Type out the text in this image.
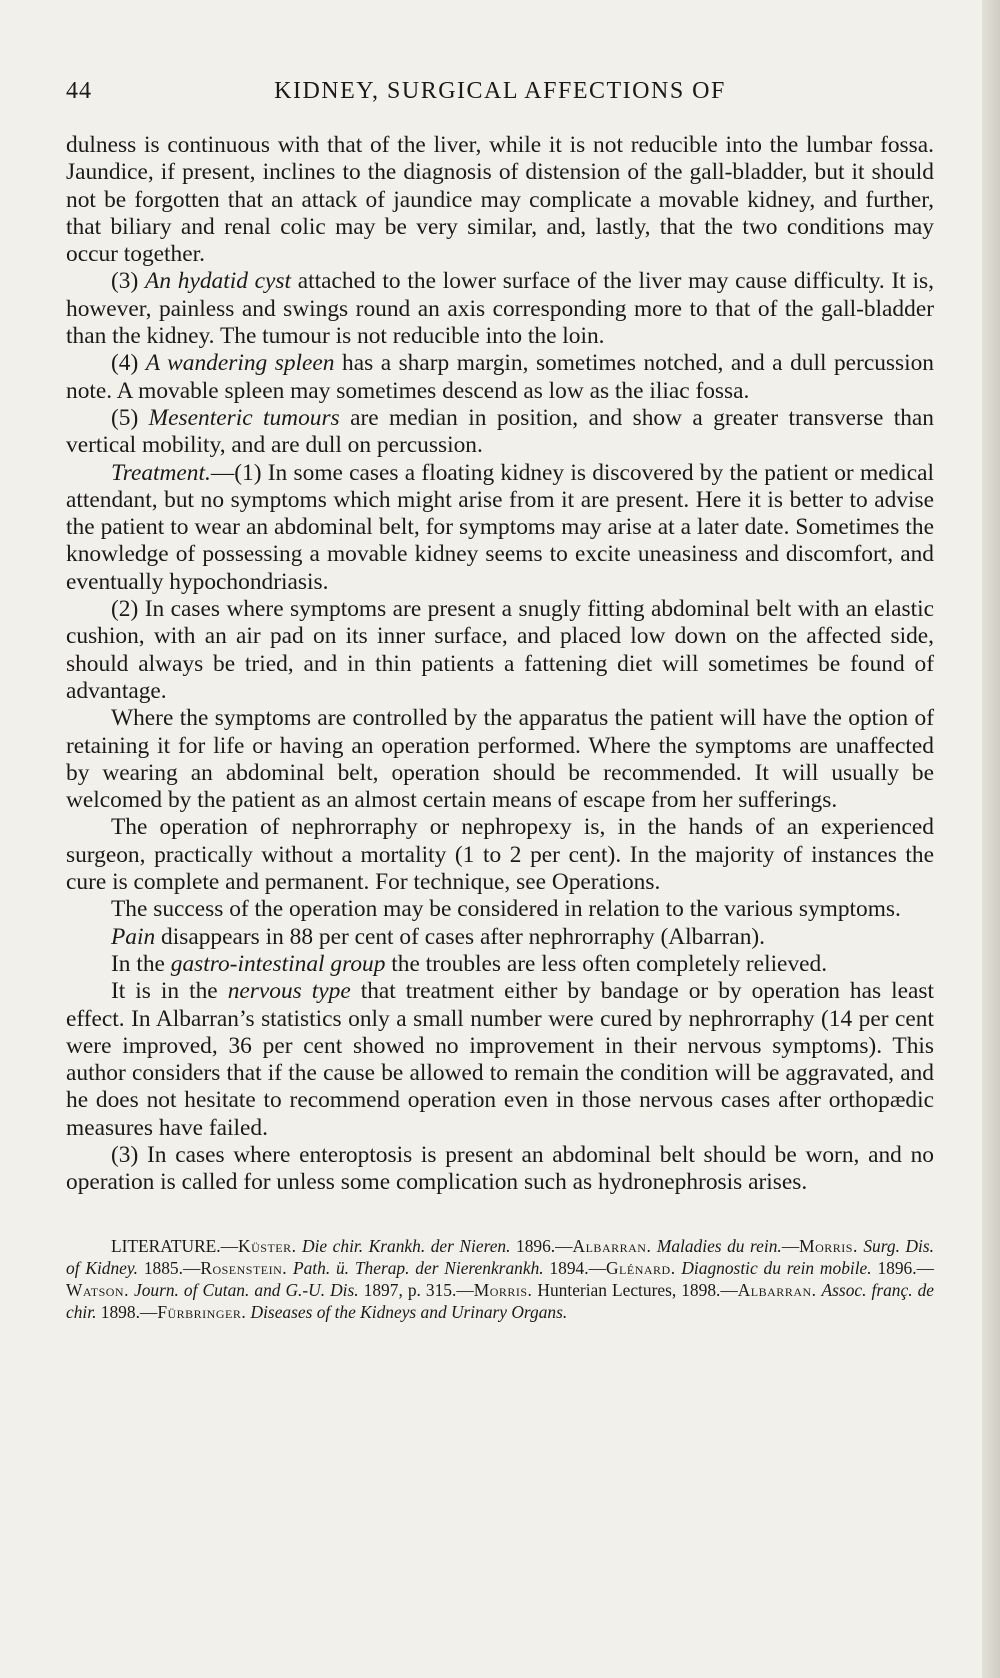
44	KIDNEY, SURGICAL AFFECTIONS OF

dulness is continuous with that of the liver, while it is not reducible into the lumbar fossa. Jaundice, if present, inclines to the diagnosis of distension of the gall-bladder, but it should not be forgotten that an attack of jaundice may complicate a movable kidney, and further, that biliary and renal colic may be very similar, and, lastly, that the two conditions may occur together.

(3) An hydatid cyst attached to the lower surface of the liver may cause difficulty. It is, however, painless and swings round an axis corresponding more to that of the gall-bladder than the kidney. The tumour is not reducible into the loin.

(4) A wandering spleen has a sharp margin, sometimes notched, and a dull percussion note. A movable spleen may sometimes descend as low as the iliac fossa.

(5) Mesenteric tumours are median in position, and show a greater transverse than vertical mobility, and are dull on percussion.

Treatment.—(1) In some cases a floating kidney is discovered by the patient or medical attendant, but no symptoms which might arise from it are present. Here it is better to advise the patient to wear an abdominal belt, for symptoms may arise at a later date. Sometimes the knowledge of possessing a movable kidney seems to excite uneasiness and discomfort, and eventually hypochondriasis.

(2) In cases where symptoms are present a snugly fitting abdominal belt with an elastic cushion, with an air pad on its inner surface, and placed low down on the affected side, should always be tried, and in thin patients a fattening diet will sometimes be found of advantage.

Where the symptoms are controlled by the apparatus the patient will have the option of retaining it for life or having an operation performed. Where the symptoms are unaffected by wearing an abdominal belt, operation should be recommended. It will usually be welcomed by the patient as an almost certain means of escape from her sufferings.

The operation of nephrorraphy or nephropexy is, in the hands of an experienced surgeon, practically without a mortality (1 to 2 per cent). In the majority of instances the cure is complete and permanent. For technique, see Operations.

The success of the operation may be considered in relation to the various symptoms.

Pain disappears in 88 per cent of cases after nephrorraphy (Albarran).

In the gastro-intestinal group the troubles are less often completely relieved.

It is in the nervous type that treatment either by bandage or by operation has least effect. In Albarran’s statistics only a small number were cured by nephrorraphy (14 per cent were improved, 36 per cent showed no improvement in their nervous symptoms). This author considers that if the cause be allowed to remain the condition will be aggravated, and he does not hesitate to recommend operation even in those nervous cases after orthopædic measures have failed.

(3) In cases where enteroptosis is present an abdominal belt should be worn, and no operation is called for unless some complication such as hydronephrosis arises.

LITERATURE.—Küster. Die chir. Krankh. der Nieren. 1896.—Albarran. Maladies du rein.—Morris. Surg. Dis. of Kidney. 1885.—Rosenstein. Path. ü. Therap. der Nierenkrankh. 1894.—Glénard. Diagnostic du rein mobile. 1896.—Watson. Journ. of Cutan. and G.-U. Dis. 1897, p. 315.—Morris. Hunterian Lectures, 1898.—Albarran. Assoc. franç. de chir. 1898.—Fürbringer. Diseases of the Kidneys and Urinary Organs.
